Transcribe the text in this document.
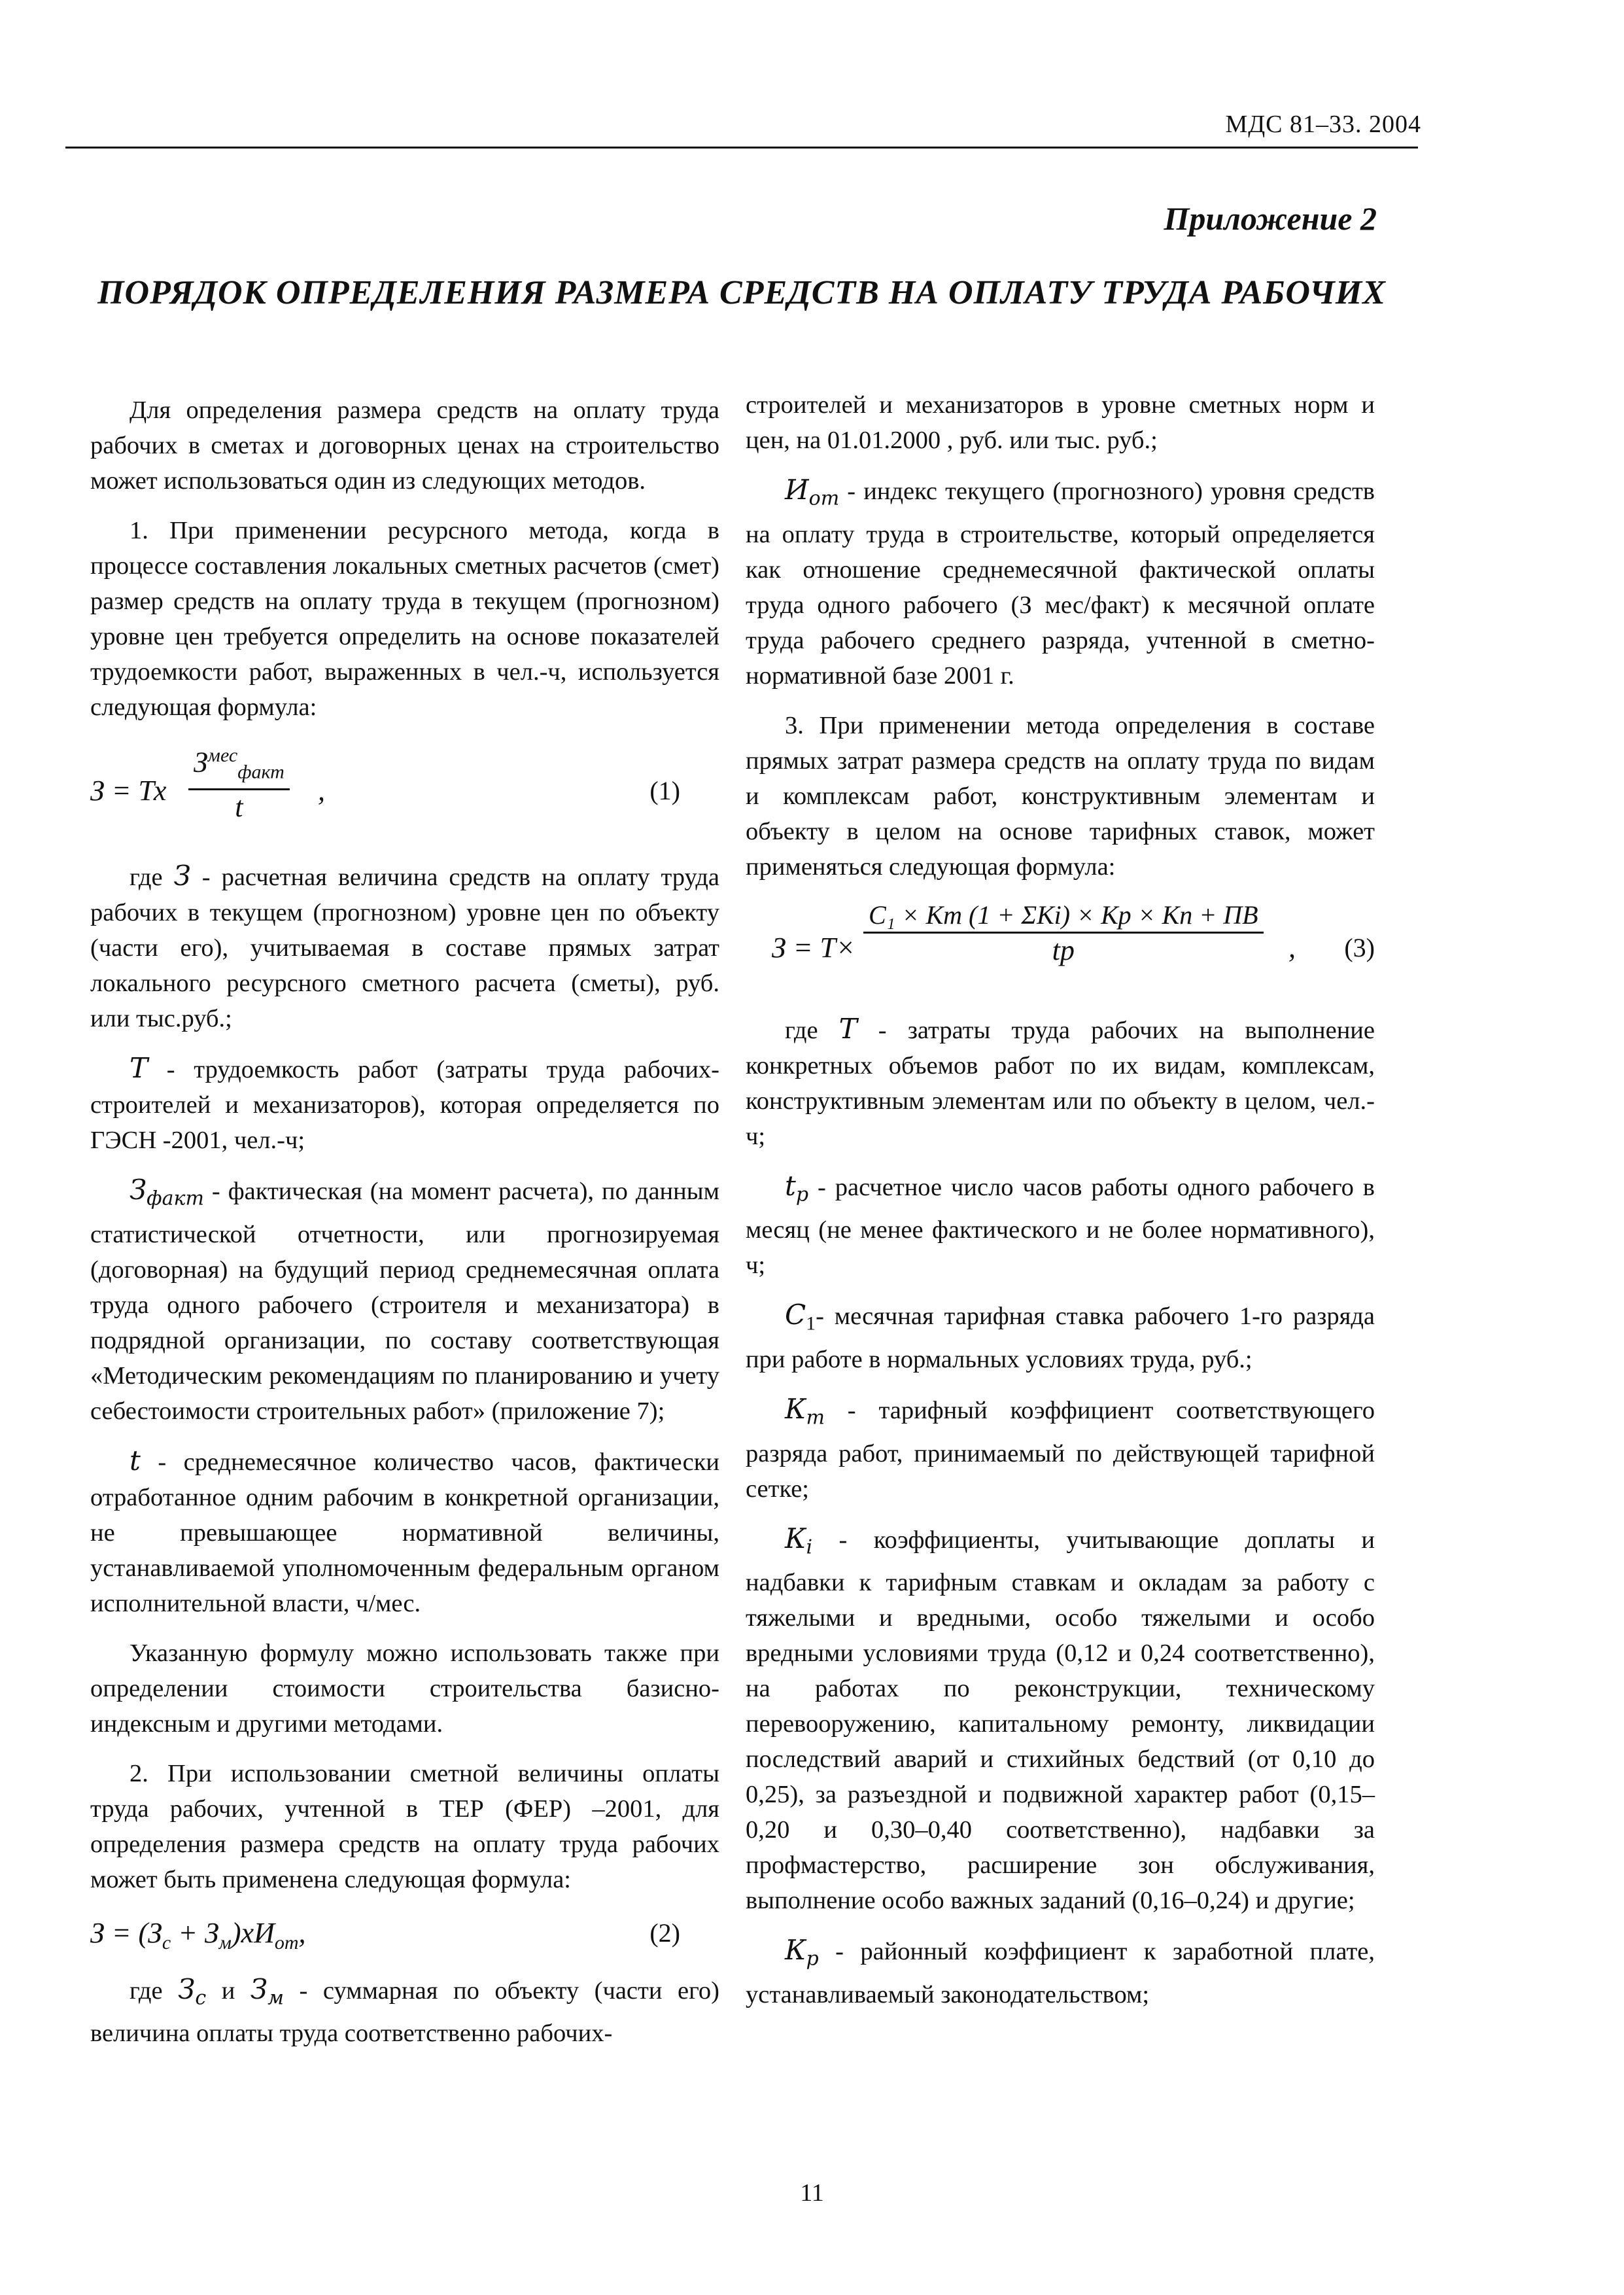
МДС 81–33. 2004
Приложение 2
ПОРЯДОК ОПРЕДЕЛЕНИЯ РАЗМЕРА СРЕДСТВ НА ОПЛАТУ ТРУДА РАБОЧИХ

Для определения размера средств на оплату труда рабочих в сметах и договорных ценах на строительство может использоваться один из следующих методов.

1. При применении ресурсного метода, когда в процессе составления локальных сметных расчетов (смет) размер средств на оплату труда в текущем (прогнозном) уровне цен требуется определить на основе показателей трудоемкости работ, выраженных в чел.-ч, используется следующая формула:

З = Тх
$З^{мес}_{факт}$
t
,	(1)

где З - расчетная величина средств на оплату труда рабочих в текущем (прогнозном) уровне цен по объекту (части его), учитываемая в составе прямых затрат локального ресурсного сметного расчета (сметы), руб. или тыс.руб.;

Т - трудоемкость работ (затраты труда рабочих-строителей и механизаторов), которая определяется по ГЭСН -2001, чел.-ч;

$З_{факт}$ - фактическая (на момент расчета), по данным статистической отчетности, или прогнозируемая (договорная) на будущий период среднемесячная оплата труда одного рабочего (строителя и механизатора) в подрядной организации, по составу соответствующая «Методическим рекомендациям по планированию и учету себестоимости строительных работ» (приложение 7);

t - среднемесячное количество часов, фактически отработанное одним рабочим в конкретной организации, не превышающее нормативной величины, устанавливаемой уполномоченным федеральным органом исполнительной власти, ч/мес.

Указанную формулу можно использовать также при определении стоимости строительства базисно-индексным и другими методами.

2. При использовании сметной величины оплаты труда рабочих, учтенной в ТЕР (ФЕР) –2001, для определения размера средств на оплату труда рабочих может быть применена следующая формула:

$З = (З_с + З_м)хИ_{от}$,	(2)

где $З_с$ и $З_м$ - суммарная по объекту (части его) величина оплаты труда соответственно рабочих-

строителей и механизаторов в уровне сметных норм и цен, на 01.01.2000 , руб. или тыс. руб.;

$И_{от}$ - индекс текущего (прогнозного) уровня средств на оплату труда в строительстве, который определяется как отношение среднемесячной фактической оплаты труда одного рабочего (З мес/факт) к месячной оплате труда рабочего среднего разряда, учтенной в сметно-нормативной базе 2001 г.

3. При применении метода определения в составе прямых затрат размера средств на оплату труда по видам и комплексам работ, конструктивным элементам и объекту в целом на основе тарифных ставок, может применяться следующая формула:

З = Т×
С₁ × Кт (1 + ΣКi) × Кр × Кп + ПВ
tр	, (3)

где Т - затраты труда рабочих на выполнение конкретных объемов работ по их видам, комплексам, конструктивным элементам или по объекту в целом, чел.-ч;

$t_р$ - расчетное число часов работы одного рабочего в месяц (не менее фактического и не более нормативного), ч;

$С_1-$ месячная тарифная ставка рабочего 1-го разряда при работе в нормальных условиях труда, руб.;

$К_т$ - тарифный коэффициент соответствующего разряда работ, принимаемый по действующей тарифной сетке;

$К_i$ - коэффициенты, учитывающие доплаты и надбавки к тарифным ставкам и окладам за работу с тяжелыми и вредными, особо тяжелыми и особо вредными условиями труда (0,12 и 0,24 соответственно), на работах по реконструкции, техническому перевооружению, капитальному ремонту, ликвидации последствий аварий и стихийных бедствий (от 0,10 до 0,25), за разъездной и подвижной характер работ (0,15–0,20 и 0,30–0,40 соответственно), надбавки за профмастерство, расширение зон обслуживания, выполнение особо важных заданий (0,16–0,24) и другие;

$К_р$ - районный коэффициент к заработной плате, устанавливаемый законодательством;

11
